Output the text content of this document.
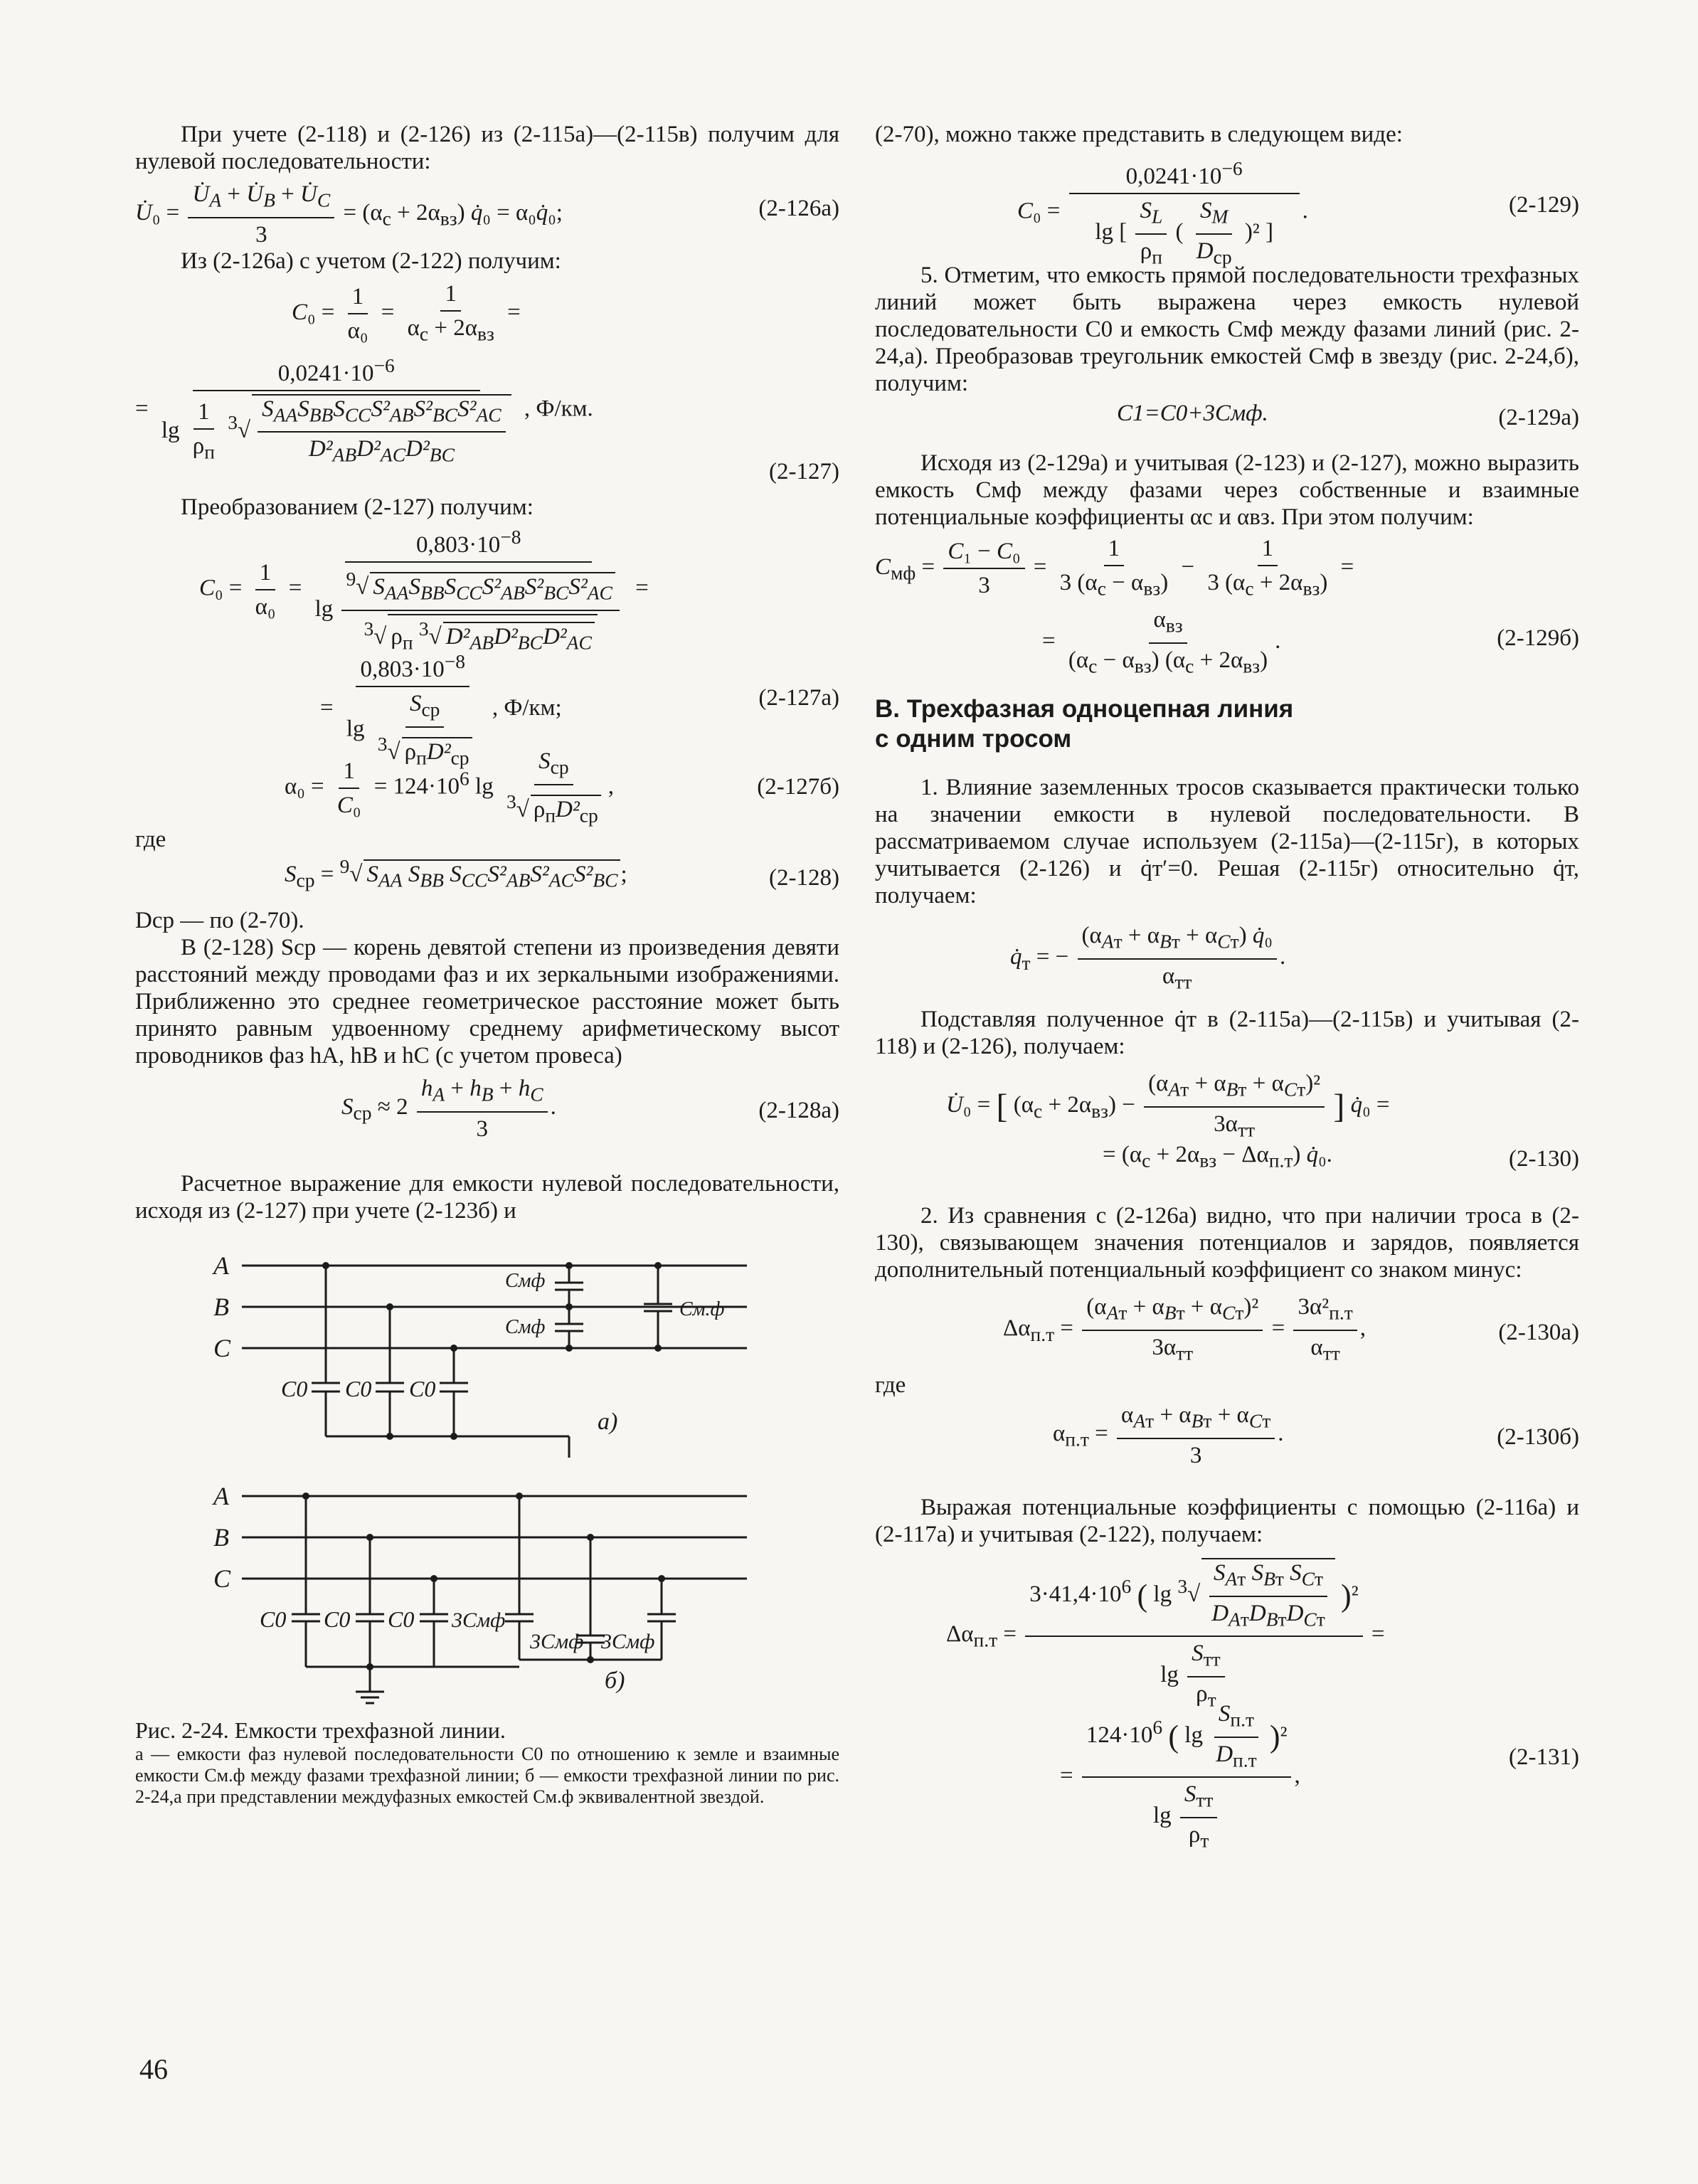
При учете (2-118) и (2-126) из (2-115а)—(2-115в) получим для нулевой последовательности:

U̇₀ = $\frac{U̇_A + U̇_B + U̇_C}{3} = (\alpha_с + 2\alpha_{вз})$ q̇₀ = α₀q̇₀;	(2-126а)

Из (2-126а) с учетом (2-122) получим:

$C_0 = \frac{1}{\text{α₀}}$ =
1
$\alpha_с + 2\alpha_{вз}$
=
=
$0,0241\cdot 10^{-6}$
lg
1
$\rho_п$
$^3$√
$S_{AA}S_{BB}S_{CC}S^2_{AB}S^2_{BC}S^2_{AC}$
$D^2_{AB}D^2_{AC}D^2_{BC}$
, Ф/км.
(2-127)

Преобразованием (2-127) получим:

$C_0 = \frac{1}{\text{α₀}}$ =
$0,803\cdot 10^{-8}$
lg
$^9$√ $S_{AA}S_{BB}S_{CC}S^2_{AB}S^2_{BC}S^2_{AC}$
$^3$√ $\rho_п$ $^3$√ $D^2_{AB}D^2_{BC}D^2_{AC}$
=
=
$0,803\cdot 10^{-8}$
lg
$S_{ср}$
$^3$√ $\rho_пD^2_{ср}$
, Ф/км;	(2-127а)
$\alpha_0 = \frac{1}{\text{C₀}} = 124\cdot 10^6$ lg
$S_{ср}$
$^3$√ $\rho_пD^2_{ср}$
,	(2-127б)

где

$S_{ср} = ^9√$ $S_{AA}$ $S_{BB}$ $S_{CC}S^2_{AB}S^2_{AC}S^2_{BC}$ ;	(2-128)

Dср — по (2-70).

В (2-128) Sср — корень девятой степени из произведения девяти расстояний между проводами фаз и их зеркальными изображениями. Приближенно это среднее геометрическое расстояние может быть принято равным удвоенному среднему арифметическому высот проводников фаз hA, hB и hC (с учетом провеса)

$S_{ср} \approx 2 \frac{h_A + h_B + h_C}{3}$ .	(2-128а)

Расчетное выражение для емкости нулевой последовательности, исходя из (2-127) при учете (2-123б) и

A
B
C
C0 C0 C0
Cмф
Cмф
Cм.ф
а)
A
B
C
C0 C0 C0 3Cмф
3Cмф 3Cмф
б)

Рис. 2-24. Емкости трехфазной линии.

а — емкости фаз нулевой последовательности C0 по отношению к земле и взаимные емкости Cм.ф между фазами трехфазной линии; б — емкости трехфазной линии по рис. 2-24,а при представлении междуфазных емкостей Cм.ф эквивалентной звездой.

(2-70), можно также представить в следующем виде:

C₀ =
$0,0241\cdot 10^{-6}$
lg [
$S_L$
$\rho_п$
(
$S_M$
$D_{ср}$
)² ]
.	(2-129)

5. Отметим, что емкость прямой последовательности трехфазных линий может быть выражена через емкость нулевой последовательности C0 и емкость Cмф между фазами линий (рис. 2-24,а). Преобразовав треугольник емкостей Cмф в звезду (рис. 2-24,б), получим:

C1=C0+3Cмф.	(2-129а)

Исходя из (2-129а) и учитывая (2-123) и (2-127), можно выразить емкость Cмф между фазами через собственные и взаимные потенциальные коэффициенты αс и αвз. При этом получим:

$C_{мф} = \frac{\text{C₁ − C₀}}{3}$ =
1
3 $(\alpha_с - \alpha_{вз})$
−
1
3 $(\alpha_с + 2\alpha_{вз})$
=
=
$\alpha_{вз}$
$(\alpha_с - \alpha_{вз}) (\alpha_с + 2\alpha_{вз})$
.	(2-129б)
В. Трехфазная одноцепная линия
с одним тросом

1. Влияние заземленных тросов сказывается практически только на значении емкости в нулевой последовательности. В рассматриваемом случае используем (2-115а)—(2-115г), в которых учитывается (2-126) и q̇т′=0. Решая (2-115г) относительно q̇т, получаем:

$q̇_т$ = −
$(\alpha_{Aт} + \alpha_{Bт} + \alpha_{Cт})$ q̇₀
$\alpha_{тт}$
.

Подставляя полученное q̇т в (2-115а)—(2-115в) и учитывая (2-118) и (2-126), получаем:

U̇₀ = [ $(\alpha_с + 2\alpha_{вз})$ −
$(\alpha_{Aт} + \alpha_{Bт} + \alpha_{Cт})^2$
$3\alpha_{тт}$
] q̇₀ =
= $(\alpha_с + 2\alpha_{вз} - \Delta\alpha_{п.т})$ q̇₀.	(2-130)

2. Из сравнения с (2-126а) видно, что при наличии троса в (2-130), связывающем значения потенциалов и зарядов, появляется дополнительный потенциальный коэффициент со знаком минус:

$\Delta\alpha_{п.т}$ =
$(\alpha_{Aт} + \alpha_{Bт} + \alpha_{Cт})^2$
$3\alpha_{тт}$
=
$3\alpha^2_{п.т}$
$\alpha_{тт}$
,	(2-130а)

где

$\alpha_{п.т}$ =
$\alpha_{Aт} + \alpha_{Bт} + \alpha_{Cт}$
3
.	(2-130б)

Выражая потенциальные коэффициенты с помощью (2-116а) и (2-117а) и учитывая (2-122), получаем:

$\Delta\alpha_{п.т}$ =
$3\cdot 41,4\cdot 10^6$ ( lg $^3$√
$S_{Aт}$ $S_{Bт}$ $S_{Cт}$
$D_{Aт}D_{Bт}D_{Cт}$
)²
lg
$S_{тт}$
$\rho_т$
=
=
$124\cdot 10^6$ ( lg
$S_{п.т}$
$D_{п.т}$
)²
lg
$S_{тт}$
$\rho_т$
,
(2-131)
46
